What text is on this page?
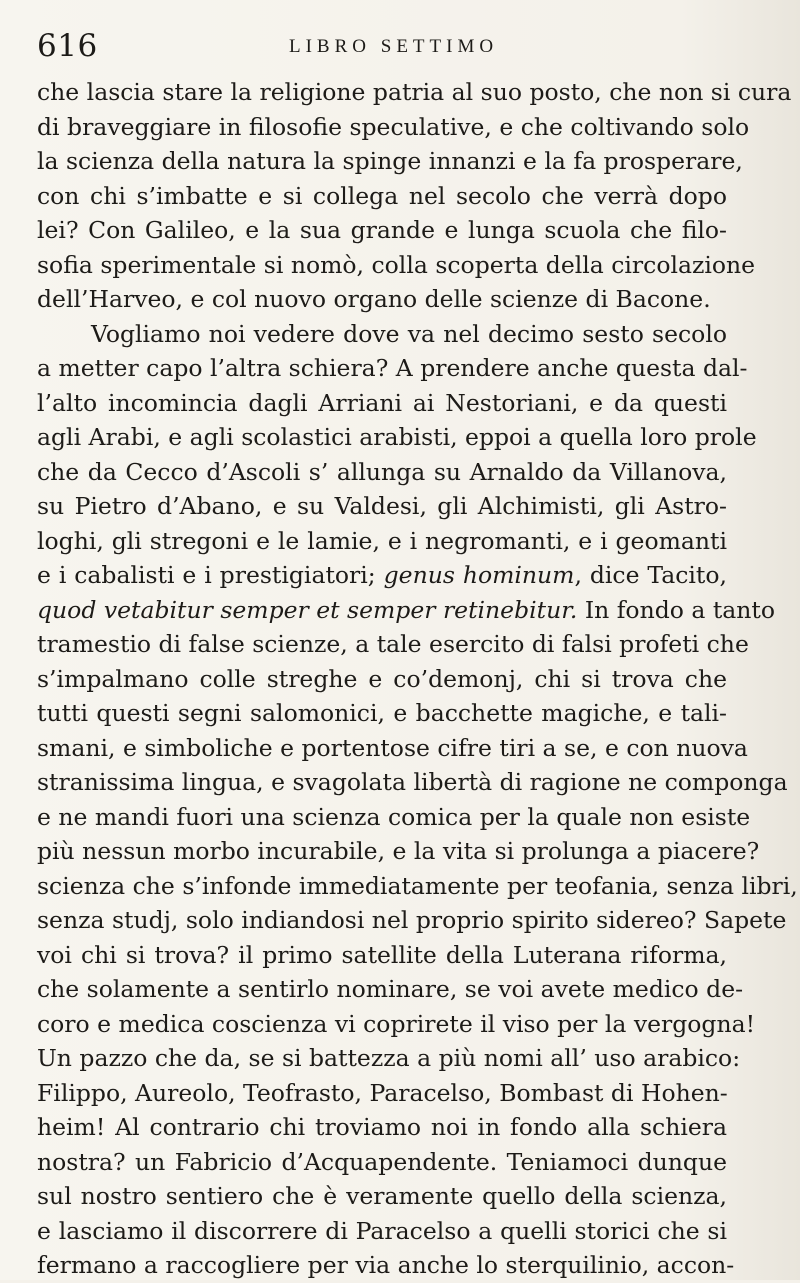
616	LIBRO SETTIMO
che lascia stare la religione patria al suo posto, che non si cura
di braveggiare in filosofie speculative, e che coltivando solo
la scienza della natura la spinge innanzi e la fa prosperare,
con chi s’imbatte e si collega nel secolo che verrà dopo
lei? Con Galileo, e la sua grande e lunga scuola che filo-
sofia sperimentale si nomò, colla scoperta della circolazione
dell’Harveo, e col nuovo organo delle scienze di Bacone.
Vogliamo noi vedere dove va nel decimo sesto secolo
a metter capo l’altra schiera? A prendere anche questa dal-
l’alto incomincia dagli Arriani ai Nestoriani, e da questi
agli Arabi, e agli scolastici arabisti, eppoi a quella loro prole
che da Cecco d’Ascoli s’ allunga su Arnaldo da Villanova,
su Pietro d’Abano, e su Valdesi, gli Alchimisti, gli Astro-
loghi, gli stregoni e le lamie, e i negromanti, e i geomanti
e i cabalisti e i prestigiatori; genus hominum, dice Tacito,
quod vetabitur semper et semper retinebitur. In fondo a tanto
tramestio di false scienze, a tale esercito di falsi profeti che
s’impalmano colle streghe e co’demonj, chi si trova che
tutti questi segni salomonici, e bacchette magiche, e tali-
smani, e simboliche e portentose cifre tiri a se, e con nuova
stranissima lingua, e svagolata libertà di ragione ne componga
e ne mandi fuori una scienza comica per la quale non esiste
più nessun morbo incurabile, e la vita si prolunga a piacere?
scienza che s’infonde immediatamente per teofania, senza libri,
senza studj, solo indiandosi nel proprio spirito sidereo? Sapete
voi chi si trova? il primo satellite della Luterana riforma,
che solamente a sentirlo nominare, se voi avete medico de-
coro e medica coscienza vi coprirete il viso per la vergogna!
Un pazzo che da, se si battezza a più nomi all’ uso arabico:
Filippo, Aureolo, Teofrasto, Paracelso, Bombast di Hohen-
heim! Al contrario chi troviamo noi in fondo alla schiera
nostra? un Fabricio d’Acquapendente. Teniamoci dunque
sul nostro sentiero che è veramente quello della scienza,
e lasciamo il discorrere di Paracelso a quelli storici che si
fermano a raccogliere per via anche lo sterquilinio, accon-
